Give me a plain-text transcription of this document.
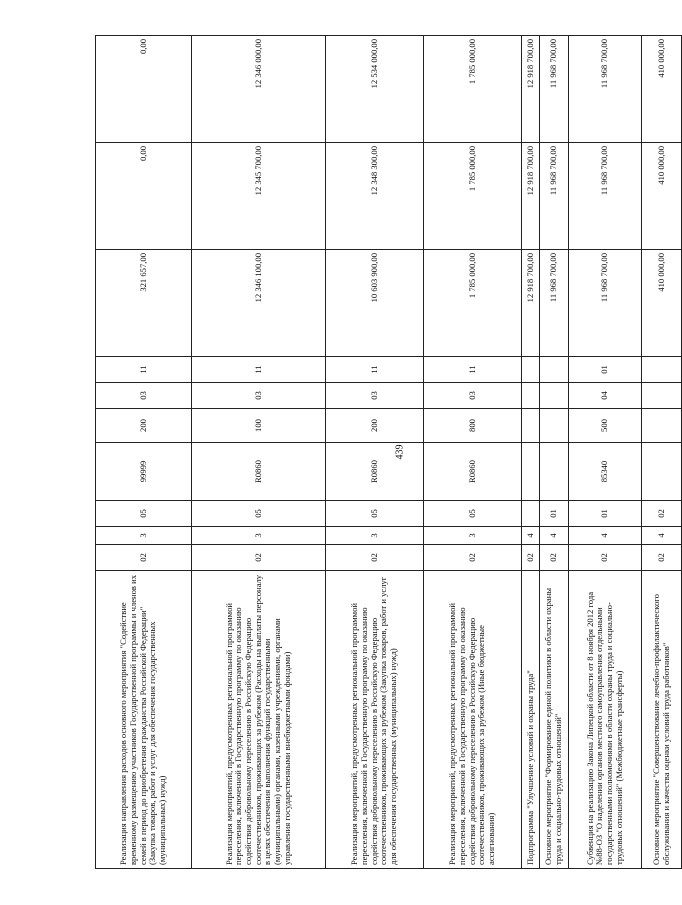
439
Реализация направления расходов основного мероприятия "Содействие временному размещению участников Государственной программы и членов их семей в период до приобретения гражданства Российской Федерации" (Закупка товаров, работ и услуг для обеспечения государственных (муниципальных) нужд)	02	3	05	99999	200	03	11	321 657,00	0,00	0,00
Реализация мероприятий, предусмотренных региональной программой переселения, включенной в Государственную программу по оказанию содействия добровольному переселению в Российскую Федерацию соотечественников, проживающих за рубежом (Расходы на выплаты персоналу в целях обеспечения выполнения функций государственными (муниципальными) органами, казенными учреждениями, органами управления государственными внебюджетными фондами)	02	3	05	R0860	100	03	11	12 346 100,00	12 345 700,00	12 346 000,00
Реализация мероприятий, предусмотренных региональной программой переселения, включенной в Государственную программу по оказанию содействия добровольному переселению в Российскую Федерацию соотечественников, проживающих за рубежом (Закупка товаров, работ и услуг для обеспечения государственных (муниципальных) нужд)	02	3	05	R0860	200	03	11	10 603 900,00	12 348 300,00	12 534 000,00
Реализация мероприятий, предусмотренных региональной программой переселения, включенной в Государственную программу по оказанию содействия добровольному переселению в Российскую Федерацию соотечественников, проживающих за рубежом (Иные бюджетные ассигнования)	02	3	05	R0860	800	03	11	1 785 000,00	1 785 000,00	1 785 000,00
Подпрограмма "Улучшение условий и охраны труда"	02	4						12 918 700,00	12 918 700,00	12 918 700,00
Основное мероприятие "Формирование единой политики в области охраны труда и социально-трудовых отношений"	02	4	01					11 968 700,00	11 968 700,00	11 968 700,00
Субвенция на реализацию Закона Липецкой области от 8 ноября 2012 года №88-ОЗ "О наделении органов местного самоуправления отдельными государственными полномочиями в области охраны труда и социально-трудовых отношений" (Межбюджетные трансферты)	02	4	01	85340	500	04	01	11 968 700,00	11 968 700,00	11 968 700,00
Основное мероприятие "Совершенствование лечебно-профилактического обслуживания и качества оценки условий труда работников"	02	4	02					410 000,00	410 000,00	410 000,00
